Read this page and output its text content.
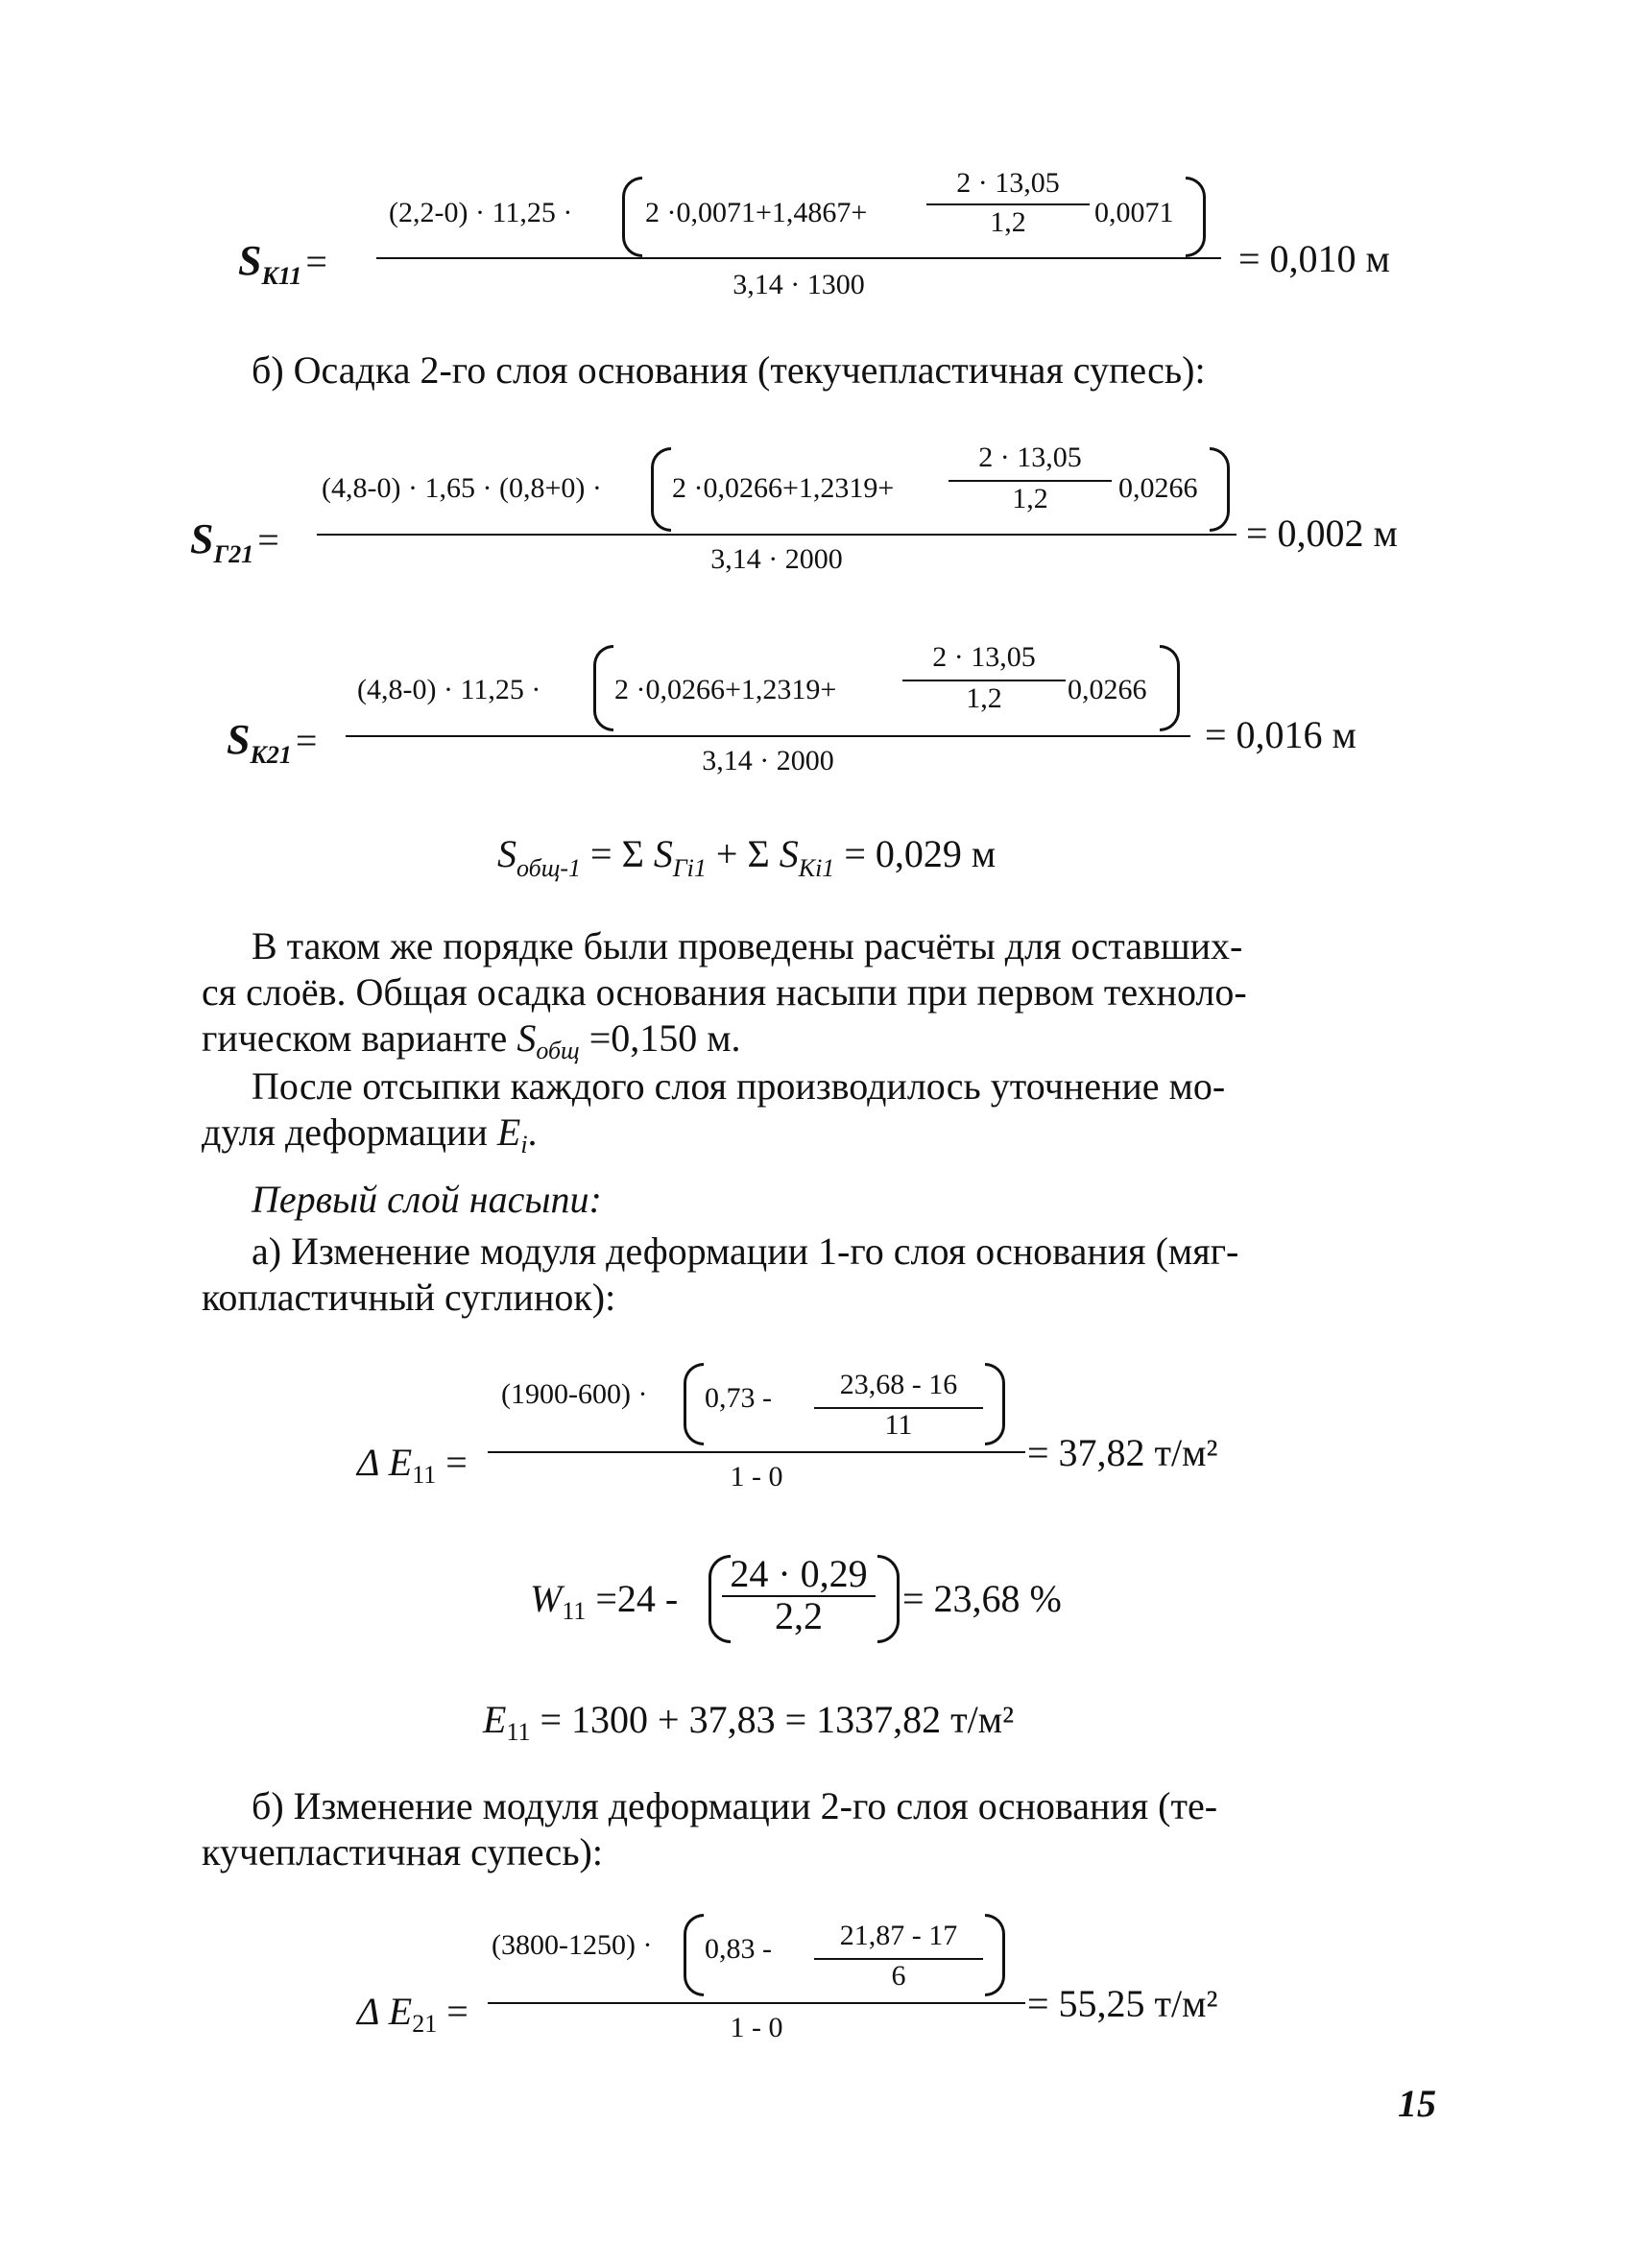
SK11 =
(2,2-0) · 11,25 ·	2 ·0,0071+1,4867+
2 · 13,05
1,2	0,0071
3,14 · 1300
= 0,010 м
б) Осадка 2-го слоя основания (текучепластичная супесь):
SГ21 =
(4,8-0) · 1,65 · (0,8+0) · 2 ·0,0266+1,2319+
2 · 13,05
1,2	0,0266
3,14 · 2000
= 0,002 м
SK21 =
(4,8-0) · 11,25 ·	2 ·0,0266+1,2319+
2 · 13,05
1,2	0,0266
3,14 · 2000
= 0,016 м
$S_{общ-1} = \Sigma$ $S_{Гi1} + \Sigma$ $S_{Ki1} = 0,029$ м
В таком же порядке были проведены расчёты для оставших-
ся слоёв. Общая осадка основания насыпи при первом техноло-
гическом варианте $S_{общ} =0,150$ м.
После отсыпки каждого слоя производилось уточнение мо-
дуля деформации $E_i$.
Первый слой насыпи:
а) Изменение модуля деформации 1-го слоя основания (мяг-
копластичный суглинок):
Δ $E_{11}$ =
(1900-600) · 0,73 -	23,68 - 16
11
1 - 0
= 37,82 т/м²
$W_{11} =24$ -
24 · 0,29
2,2	= 23,68 %
$E_{11} = 1300 + 37,83 = 1337,82$ т/м²
б) Изменение модуля деформации 2-го слоя основания (те-
кучепластичная супесь):
Δ $E_{21}$ =
(3800-1250) · 0,83 -	21,87 - 17
6
1 - 0
= 55,25 т/м²
15
